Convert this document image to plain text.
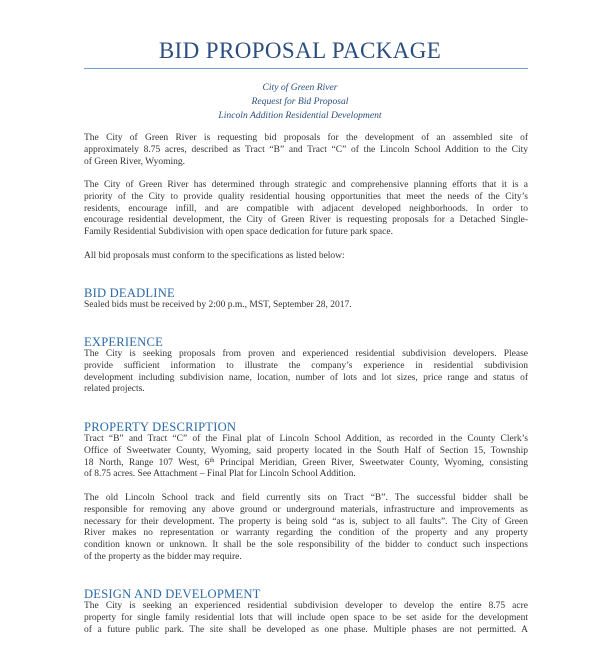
BID PROPOSAL PACKAGE
City of Green River
Request for Bid Proposal
Lincoln Addition Residential Development
The City of Green River is requesting bid proposals for the development of an assembled site of
approximately 8.75 acres, described as Tract “B” and Tract “C” of the Lincoln School Addition to the City
of Green River, Wyoming.
The City of Green River has determined through strategic and comprehensive planning efforts that it is a
priority of the City to provide quality residential housing opportunities that meet the needs of the City’s
residents, encourage infill, and are compatible with adjacent developed neighborhoods. In order to
encourage residential development, the City of Green River is requesting proposals for a Detached Single-
Family Residential Subdivision with open space dedication for future park space.
All bid proposals must conform to the specifications as listed below:
BID DEADLINE
Sealed bids must be received by 2:00 p.m., MST, September 28, 2017.
EXPERIENCE
The City is seeking proposals from proven and experienced residential subdivision developers. Please
provide sufficient information to illustrate the company’s experience in residential subdivision
development including subdivision name, location, number of lots and lot sizes, price range and status of
related projects.
PROPERTY DESCRIPTION
Tract “B” and Tract “C” of the Final plat of Lincoln School Addition, as recorded in the County Clerk’s
Office of Sweetwater County, Wyoming, said property located in the South Half of Section 15, Township
18 North, Range 107 West, 6th Principal Meridian, Green River, Sweetwater County, Wyoming, consisting
of 8.75 acres. See Attachment – Final Plat for Lincoln School Addition.
The old Lincoln School track and field currently sits on Tract “B”. The successful bidder shall be
responsible for removing any above ground or underground materials, infrastructure and improvements as
necessary for their development. The property is being sold “as is, subject to all faults”. The City of Green
River makes no representation or warranty regarding the condition of the property and any property
condition known or unknown. It shall be the sole responsibility of the bidder to conduct such inspections
of the property as the bidder may require.
DESIGN AND DEVELOPMENT
The City is seeking an experienced residential subdivision developer to develop the entire 8.75 acre
property for single family residential lots that will include open space to be set aside for the development
of a future public park. The site shall be developed as one phase. Multiple phases are not permitted. A
